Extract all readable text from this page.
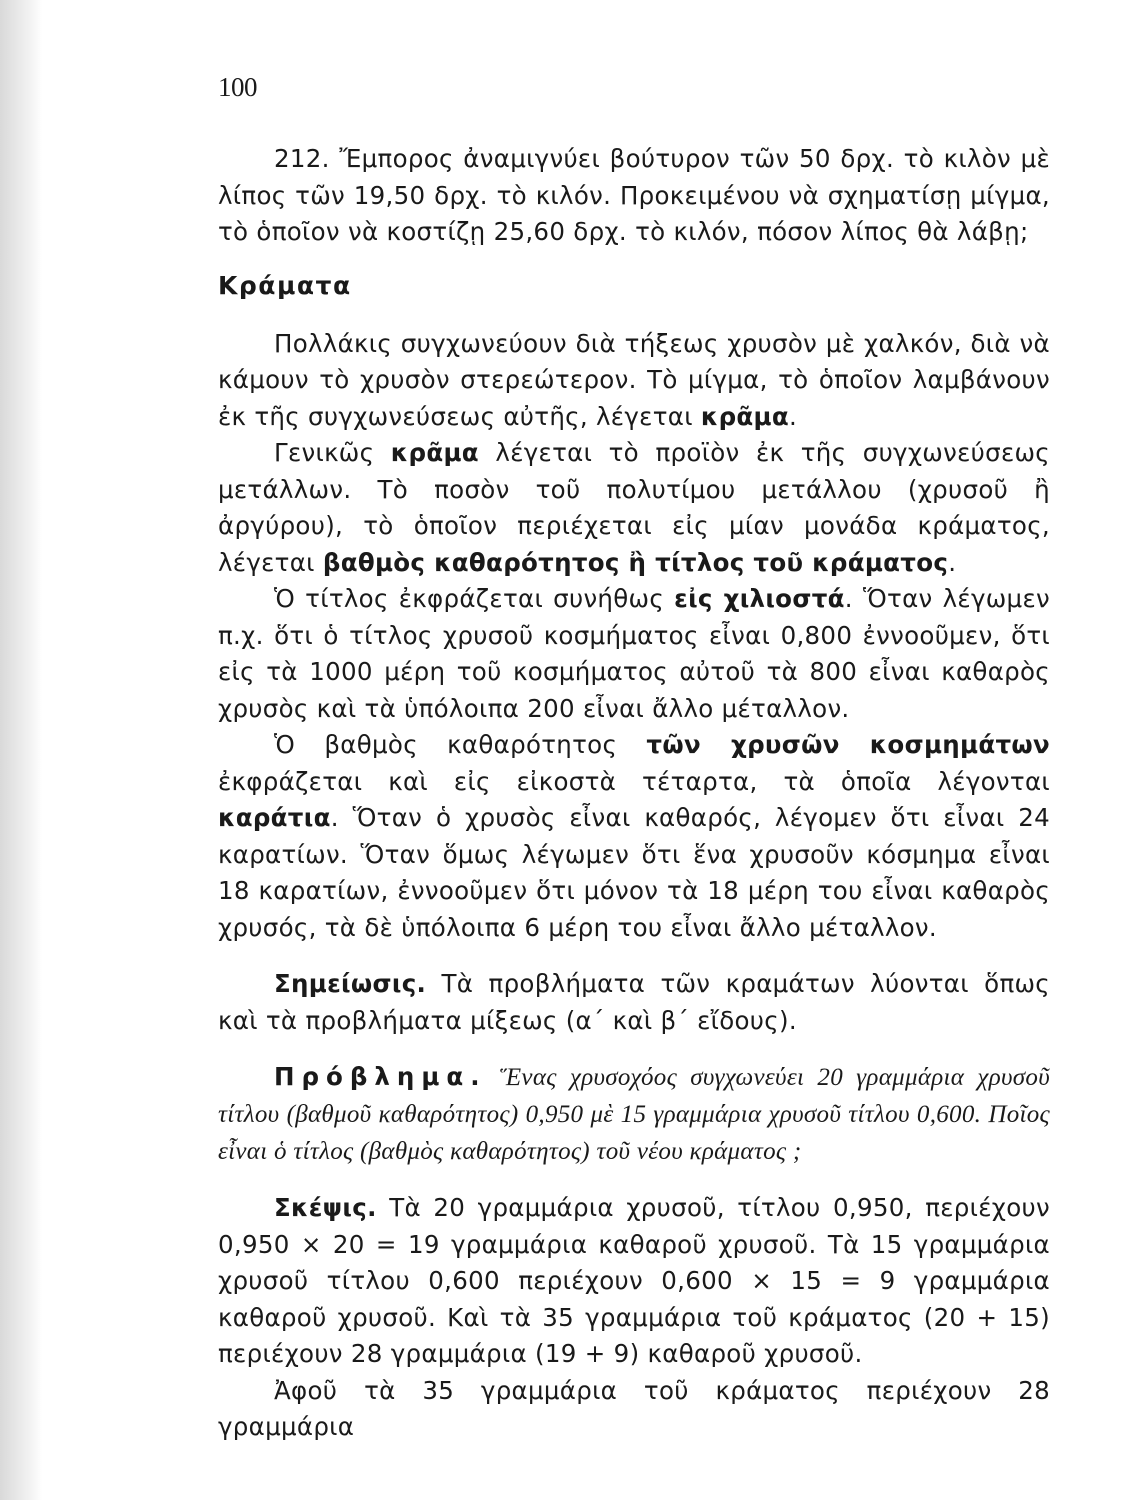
100

212. Ἔμπορος ἀναμιγνύει βούτυρον τῶν 50 δρχ. τὸ κιλὸν μὲ λίπος τῶν 19,50 δρχ. τὸ κιλόν. Προκειμένου νὰ σχηματίσῃ μίγμα, τὸ ὁποῖον νὰ κοστίζῃ 25,60 δρχ. τὸ κιλόν, πόσον λίπος θὰ λάβῃ;

Κράματα

Πολλάκις συγχωνεύουν διὰ τήξεως χρυσὸν μὲ χαλκόν, διὰ νὰ κάμουν τὸ χρυσὸν στερεώτερον. Τὸ μίγμα, τὸ ὁποῖον λαμβάνουν ἐκ τῆς συγχωνεύσεως αὐτῆς, λέγεται κρᾶμα.

Γενικῶς κρᾶμα λέγεται τὸ προϊὸν ἐκ τῆς συγχωνεύσεως μετάλλων. Τὸ ποσὸν τοῦ πολυτίμου μετάλλου (χρυσοῦ ἢ ἀργύρου), τὸ ὁποῖον περιέχεται εἰς μίαν μονάδα κράματος, λέγεται βαθμὸς καθαρότητος ἢ τίτλος τοῦ κράματος.

Ὁ τίτλος ἐκφράζεται συνήθως εἰς χιλιοστά. Ὅταν λέγωμεν π.χ. ὅτι ὁ τίτλος χρυσοῦ κοσμήματος εἶναι 0,800 ἐννοοῦμεν, ὅτι εἰς τὰ 1000 μέρη τοῦ κοσμήματος αὐτοῦ τὰ 800 εἶναι καθαρὸς χρυσὸς καὶ τὰ ὑπόλοιπα 200 εἶναι ἄλλο μέταλλον.

Ὁ βαθμὸς καθαρότητος τῶν χρυσῶν κοσμημάτων ἐκφράζεται καὶ εἰς εἰκοστὰ τέταρτα, τὰ ὁποῖα λέγονται καράτια. Ὅταν ὁ χρυσὸς εἶναι καθαρός, λέγομεν ὅτι εἶναι 24 καρατίων. Ὅταν ὅμως λέγωμεν ὅτι ἕνα χρυσοῦν κόσμημα εἶναι 18 καρατίων, ἐννοοῦμεν ὅτι μόνον τὰ 18 μέρη του εἶναι καθαρὸς χρυσός, τὰ δὲ ὑπόλοιπα 6 μέρη του εἶναι ἄλλο μέταλλον.

Σημείωσις. Τὰ προβλήματα τῶν κραμάτων λύονται ὅπως καὶ τὰ προβλήματα μίξεως (α΄ καὶ β΄ εἴδους).

Πρόβλημα. Ἕνας χρυσοχόος συγχωνεύει 20 γραμμάρια χρυσοῦ τίτλου (βαθμοῦ καθαρότητος) 0,950 μὲ 15 γραμμάρια χρυσοῦ τίτλου 0,600. Ποῖος εἶναι ὁ τίτλος (βαθμὸς καθαρότητος) τοῦ νέου κράματος ;

Σκέψις. Τὰ 20 γραμμάρια χρυσοῦ, τίτλου 0,950, περιέχουν 0,950 × 20 = 19 γραμμάρια καθαροῦ χρυσοῦ. Τὰ 15 γραμμάρια χρυσοῦ τίτλου 0,600 περιέχουν 0,600 × 15 = 9 γραμμάρια καθαροῦ χρυσοῦ. Καὶ τὰ 35 γραμμάρια τοῦ κράματος (20 + 15) περιέχουν 28 γραμμάρια (19 + 9) καθαροῦ χρυσοῦ.

Ἀφοῦ τὰ 35 γραμμάρια τοῦ κράματος περιέχουν 28 γραμμάρια
